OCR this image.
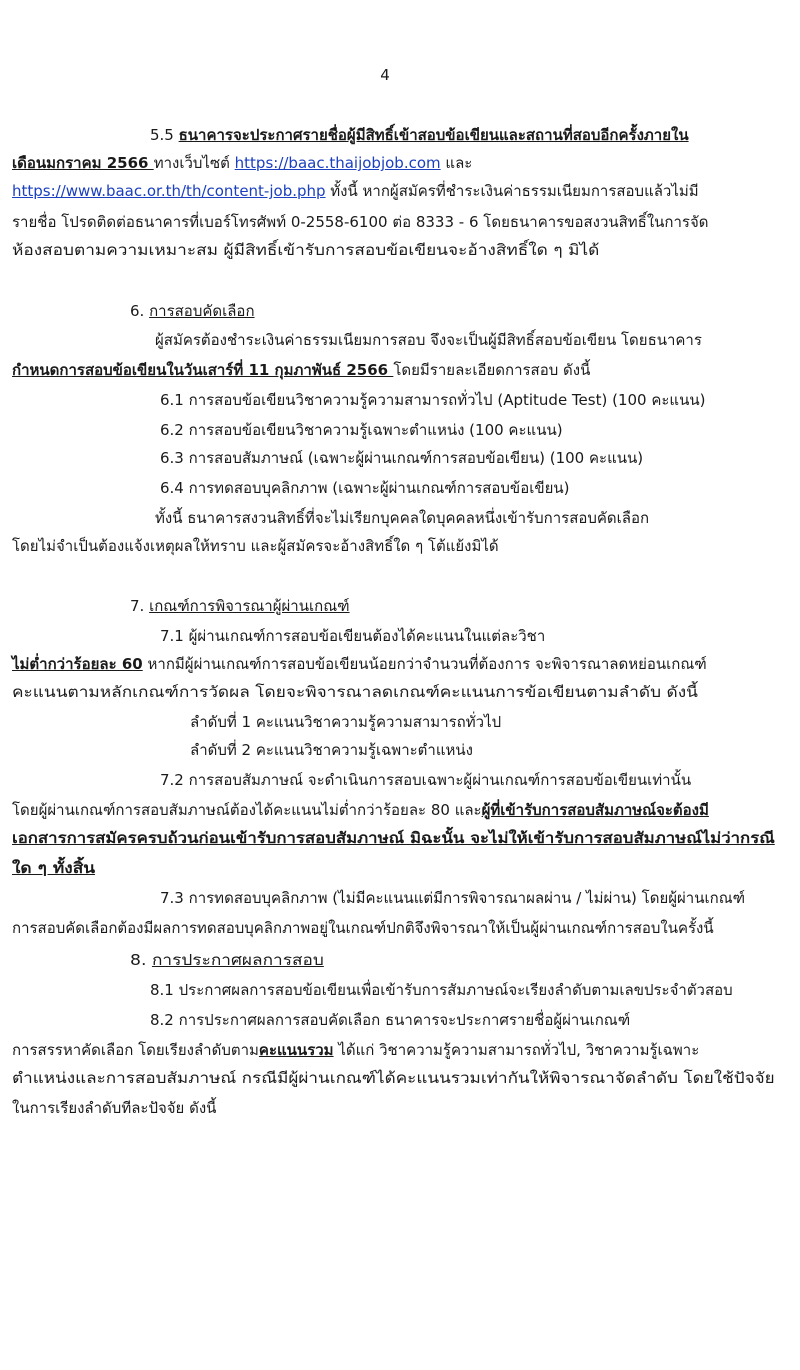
4
5.5 ธนาคารจะประกาศรายชื่อผู้มีสิทธิ์เข้าสอบข้อเขียนและสถานที่สอบอีกครั้งภายใน
เดือนมกราคม 2566 ทางเว็บไซต์ https://baac.thaijobjob.com และ
https://www.baac.or.th/th/content-job.php ทั้งนี้ หากผู้สมัครที่ชำระเงินค่าธรรมเนียมการสอบแล้วไม่มี
รายชื่อ โปรดติดต่อธนาคารที่เบอร์โทรศัพท์ 0-2558-6100 ต่อ 8333 - 6 โดยธนาคารขอสงวนสิทธิ์ในการจัด
ห้องสอบตามความเหมาะสม ผู้มีสิทธิ์เข้ารับการสอบข้อเขียนจะอ้างสิทธิ์ใด ๆ มิได้
6. การสอบคัดเลือก
ผู้สมัครต้องชำระเงินค่าธรรมเนียมการสอบ จึงจะเป็นผู้มีสิทธิ์สอบข้อเขียน โดยธนาคาร
กำหนดการสอบข้อเขียนในวันเสาร์ที่ 11 กุมภาพันธ์ 2566 โดยมีรายละเอียดการสอบ ดังนี้
6.1 การสอบข้อเขียนวิชาความรู้ความสามารถทั่วไป (Aptitude Test) (100 คะแนน)
6.2 การสอบข้อเขียนวิชาความรู้เฉพาะตำแหน่ง (100 คะแนน)
6.3 การสอบสัมภาษณ์ (เฉพาะผู้ผ่านเกณฑ์การสอบข้อเขียน) (100 คะแนน)
6.4 การทดสอบบุคลิกภาพ (เฉพาะผู้ผ่านเกณฑ์การสอบข้อเขียน)
ทั้งนี้ ธนาคารสงวนสิทธิ์ที่จะไม่เรียกบุคคลใดบุคคลหนึ่งเข้ารับการสอบคัดเลือก
โดยไม่จำเป็นต้องแจ้งเหตุผลให้ทราบ และผู้สมัครจะอ้างสิทธิ์ใด ๆ โต้แย้งมิได้
7. เกณฑ์การพิจารณาผู้ผ่านเกณฑ์
7.1 ผู้ผ่านเกณฑ์การสอบข้อเขียนต้องได้คะแนนในแต่ละวิชา
ไม่ต่ำกว่าร้อยละ 60 หากมีผู้ผ่านเกณฑ์การสอบข้อเขียนน้อยกว่าจำนวนที่ต้องการ จะพิจารณาลดหย่อนเกณฑ์
คะแนนตามหลักเกณฑ์การวัดผล โดยจะพิจารณาลดเกณฑ์คะแนนการข้อเขียนตามลำดับ ดังนี้
ลำดับที่ 1 คะแนนวิชาความรู้ความสามารถทั่วไป
ลำดับที่ 2 คะแนนวิชาความรู้เฉพาะตำแหน่ง
7.2 การสอบสัมภาษณ์ จะดำเนินการสอบเฉพาะผู้ผ่านเกณฑ์การสอบข้อเขียนเท่านั้น
โดยผู้ผ่านเกณฑ์การสอบสัมภาษณ์ต้องได้คะแนนไม่ต่ำกว่าร้อยละ 80 และผู้ที่เข้ารับการสอบสัมภาษณ์จะต้องมี
เอกสารการสมัครครบถ้วนก่อนเข้ารับการสอบสัมภาษณ์ มิฉะนั้น จะไม่ให้เข้ารับการสอบสัมภาษณ์ไม่ว่ากรณี
ใด ๆ ทั้งสิ้น
7.3 การทดสอบบุคลิกภาพ (ไม่มีคะแนนแต่มีการพิจารณาผลผ่าน / ไม่ผ่าน) โดยผู้ผ่านเกณฑ์
การสอบคัดเลือกต้องมีผลการทดสอบบุคลิกภาพอยู่ในเกณฑ์ปกติจึงพิจารณาให้เป็นผู้ผ่านเกณฑ์การสอบในครั้งนี้
8. การประกาศผลการสอบ
8.1 ประกาศผลการสอบข้อเขียนเพื่อเข้ารับการสัมภาษณ์จะเรียงลำดับตามเลขประจำตัวสอบ
8.2 การประกาศผลการสอบคัดเลือก ธนาคารจะประกาศรายชื่อผู้ผ่านเกณฑ์
การสรรหาคัดเลือก โดยเรียงลำดับตามคะแนนรวม ได้แก่ วิชาความรู้ความสามารถทั่วไป, วิชาความรู้เฉพาะ
ตำแหน่งและการสอบสัมภาษณ์ กรณีมีผู้ผ่านเกณฑ์ได้คะแนนรวมเท่ากันให้พิจารณาจัดลำดับ โดยใช้ปัจจัย
ในการเรียงลำดับทีละปัจจัย ดังนี้
